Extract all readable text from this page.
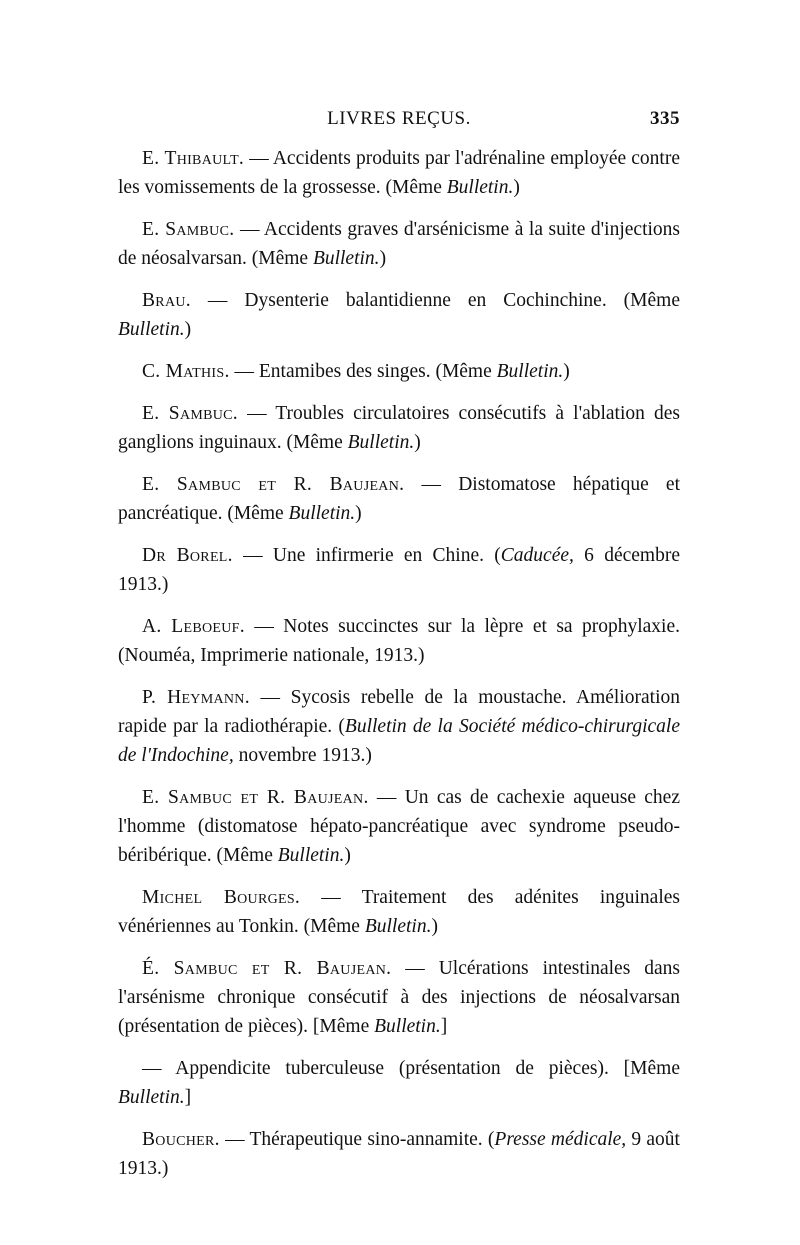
LIVRES REÇUS.	335

E. Thibault. — Accidents produits par l'adrénaline employée contre les vomissements de la grossesse. (Même Bulletin.)

E. Sambuc. — Accidents graves d'arsénicisme à la suite d'injections de néosalvarsan. (Même Bulletin.)

Brau. — Dysenterie balantidienne en Cochinchine. (Même Bulletin.)

C. Mathis. — Entamibes des singes. (Même Bulletin.)

E. Sambuc. — Troubles circulatoires consécutifs à l'ablation des ganglions inguinaux. (Même Bulletin.)

E. Sambuc et R. Baujean. — Distomatose hépatique et pancréatique. (Même Bulletin.)

Dr Borel. — Une infirmerie en Chine. (Caducée, 6 décembre 1913.)

A. Leboeuf. — Notes succinctes sur la lèpre et sa prophylaxie. (Nouméa, Imprimerie nationale, 1913.)

P. Heymann. — Sycosis rebelle de la moustache. Amélioration rapide par la radiothérapie. (Bulletin de la Société médico-chirurgicale de l'Indochine, novembre 1913.)

E. Sambuc et R. Baujean. — Un cas de cachexie aqueuse chez l'homme (distomatose hépato-pancréatique avec syndrome pseudo-béribérique. (Même Bulletin.)

Michel Bourges. — Traitement des adénites inguinales vénériennes au Tonkin. (Même Bulletin.)

É. Sambuc et R. Baujean. — Ulcérations intestinales dans l'arsénisme chronique consécutif à des injections de néosalvarsan (présentation de pièces). [Même Bulletin.]

— Appendicite tuberculeuse (présentation de pièces). [Même Bulletin.]

Boucher. — Thérapeutique sino-annamite. (Presse médicale, 9 août 1913.)
